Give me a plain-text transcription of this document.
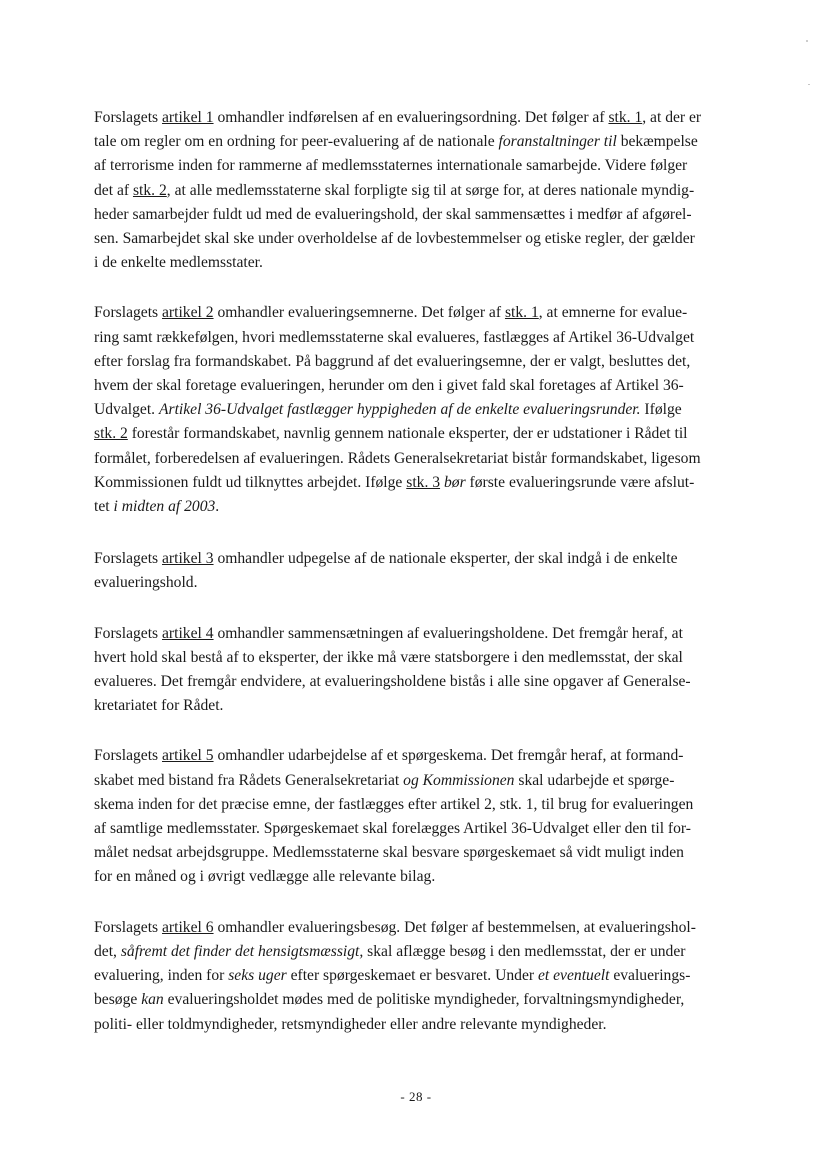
Forslagets artikel 1 omhandler indførelsen af en evalueringsordning. Det følger af stk. 1, at der er
tale om regler om en ordning for peer-evaluering af de nationale foranstaltninger til bekæmpelse
af terrorisme inden for rammerne af medlemsstaternes internationale samarbejde. Videre følger
det af stk. 2, at alle medlemsstaterne skal forpligte sig til at sørge for, at deres nationale myndig-
heder samarbejder fuldt ud med de evalueringshold, der skal sammensættes i medfør af afgørel-
sen. Samarbejdet skal ske under overholdelse af de lovbestemmelser og etiske regler, der gælder
i de enkelte medlemsstater.

Forslagets artikel 2 omhandler evalueringsemnerne. Det følger af stk. 1, at emnerne for evalue-
ring samt rækkefølgen, hvori medlemsstaterne skal evalueres, fastlægges af Artikel 36-Udvalget
efter forslag fra formandskabet. På baggrund af det evalueringsemne, der er valgt, besluttes det,
hvem der skal foretage evalueringen, herunder om den i givet fald skal foretages af Artikel 36-
Udvalget. Artikel 36-Udvalget fastlægger hyppigheden af de enkelte evalueringsrunder. Ifølge
stk. 2 forestår formandskabet, navnlig gennem nationale eksperter, der er udstationer i Rådet til
formålet, forberedelsen af evalueringen. Rådets Generalsekretariat bistår formandskabet, ligesom
Kommissionen fuldt ud tilknyttes arbejdet. Ifølge stk. 3 bør første evalueringsrunde være afslut-
tet i midten af 2003.

Forslagets artikel 3 omhandler udpegelse af de nationale eksperter, der skal indgå i de enkelte
evalueringshold.

Forslagets artikel 4 omhandler sammensætningen af evalueringsholdene. Det fremgår heraf, at
hvert hold skal bestå af to eksperter, der ikke må være statsborgere i den medlemsstat, der skal
evalueres. Det fremgår endvidere, at evalueringsholdene bistås i alle sine opgaver af Generalse-
kretariatet for Rådet.

Forslagets artikel 5 omhandler udarbejdelse af et spørgeskema. Det fremgår heraf, at formand-
skabet med bistand fra Rådets Generalsekretariat og Kommissionen skal udarbejde et spørge-
skema inden for det præcise emne, der fastlægges efter artikel 2, stk. 1, til brug for evalueringen
af samtlige medlemsstater. Spørgeskemaet skal forelægges Artikel 36-Udvalget eller den til for-
målet nedsat arbejdsgruppe. Medlemsstaterne skal besvare spørgeskemaet så vidt muligt inden
for en måned og i øvrigt vedlægge alle relevante bilag.

Forslagets artikel 6 omhandler evalueringsbesøg. Det følger af bestemmelsen, at evalueringshol-
det, såfremt det finder det hensigtsmæssigt, skal aflægge besøg i den medlemsstat, der er under
evaluering, inden for seks uger efter spørgeskemaet er besvaret. Under et eventuelt evaluerings-
besøge kan evalueringsholdet mødes med de politiske myndigheder, forvaltningsmyndigheder,
politi- eller toldmyndigheder, retsmyndigheder eller andre relevante myndigheder.

- 28 -
